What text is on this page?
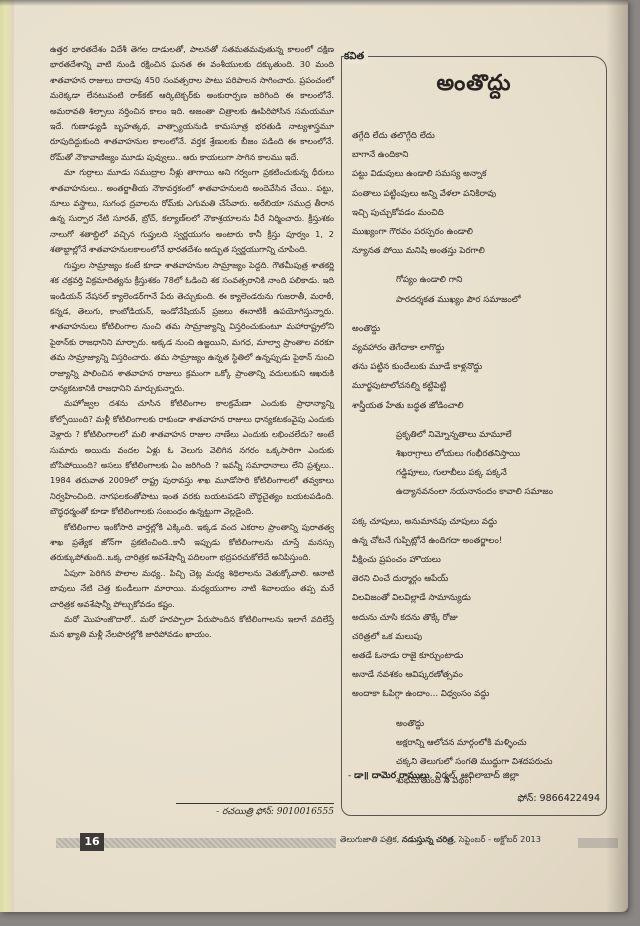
ఉత్తర భారతదేశం విదేశీ తెగల దాడులతో, పాలనతో సతమతమవుతున్న కాలంలో దక్షిణ భారతదేశాన్ని వాటి నుండి రక్షించిన ఘనత ఈ వంశీయులకు దక్కుతుంది. 30 మంది శాతవాహన రాజులు దాదాపు 450 సంవత్సరాల పాటు పరిపాలన సాగించారు. ప్రపంచంలో మరెక్కడా లేనటువంటి రాక్‌కట్ ఆర్కిటెక్చర్‌కు అంకురార్పణ జరిగింది ఈ కాలంలోనే. అమరావతి శిల్పాలు నర్తించిన కాలం ఇది. అజంతా చిత్రాలకు ఊపిరిపోసిన సమయమూ ఇదే. గుణాఢ్యుడి బృహత్కథ, వాత్స్యాయనుడి కామసూత్ర భరతుడి నాట్యశాస్త్రమూ రూపుదిద్దుకుంది శాతవాహనుల కాలంలోనే. వర్తక శ్రేణులకు బీజం పడింది ఈ కాలంలోనే. రోమ్‌తో నౌకావాణిజ్యం మూడు పువ్వులు.. ఆరు కాయలుగా సాగిన కాలము ఇదే.

మా గుర్రాలు మూడు సముద్రాల నీళ్లు తాగాయి అని గర్వంగా ప్రకటించుకున్న ధీరులు శాతవాహనులు.. అంతర్జాతీయ నౌకావర్తకంలో శాతవాహనులది అందెవేసిన చేయి.. పట్టు, నూలు వస్త్రాలు, సుగంధ ద్రవాలను రోమ్‌కు ఎగుమతి చేసేవారు. అరేబియా సముద్ర తీరాన ఉన్న సుర్పార నేటి సూరత్, బ్రోచ్, కల్యాణ్‌లలో నౌకాశ్రయాలను వీరే నిర్మించారు. క్రీస్తుశకం నాలుగో శతాబ్దిలో వచ్చిన గుప్తులది స్వర్ణయుగం అంటారు కానీ క్రీస్తు పూర్వం 1, 2 శతాబ్దాల్లోనే శాతవాహనులకాలంలోనే భారతదేశం అద్భుత స్వర్ణయుగాన్ని చూపింది.

గుప్తుల సామ్రాజ్యం కంటే కూడా శాతవాహనుల సామ్రాజ్యం పెద్దది. గౌతమీపుత్ర శాతకర్ణి శక చక్రవర్తి విక్రమాదిత్యను క్రీస్తుశకం 78లో ఓడించి శక సంవత్సరానికి నాంది పలికాడు. ఇది ఇండియన్ నేషనల్ క్యాలెండర్‌గానే పేరు తెచ్చుకుంది. ఈ క్యాలెండరును గుజరాతీ, మరాఠీ, కన్నడ, తెలుగు, కాంబోడియన్, ఇండోనేషియన్ ప్రజలు ఈనాటికీ ఉపయోగిస్తున్నారు. శాతవాహనులు కోటిలింగాల నుంచి తమ సామ్రాజ్యాన్ని విస్తరించుకుంటూ మహారాష్ట్రలోని పైఠాన్‌కు రాజధానిని మార్చారు. అక్కడ నుంచి ఉజ్జయిని, మగధ, మాల్వా ప్రాంతాల వరకూ తమ సామ్రాజ్యాన్ని విస్తరించారు. తమ సామ్రాజ్యం ఉన్నత స్థితిలో ఉన్నప్పుడు పైఠాన్ నుంచి రాజ్యాన్ని పాలించిన శాతవాహన రాజులు క్రమంగా ఒక్కో ప్రాంతాన్ని వదులుకుని ఆఖరుకి ధాన్యకటకానికి రాజధానిని మార్చుకున్నారు.

మహోజ్వల దశను చూసిన కోటిలింగాల కాలక్రమేణా ఎందుకు ప్రాధాన్యాన్ని కోల్పోయింది? మళ్లీ కోటిలింగాలకు రాకుండా శాతవాహన రాజులు ధాన్యకటకంవైపు ఎందుకు వెళ్లారు ? కోటిలింగాలలో మలి శాతవాహన రాజుల నాణేలు ఎందుకు లభించలేదు? అంటే సుమారు అయిదు వందల ఏళ్లు ఓ వెలుగు వెలిగిన నగరం ఒక్కసారిగా ఎందుకు బోసిపోయింది? అసలు కోటిలింగాలకు ఏం జరిగింది ? ఇవన్నీ సమాధానాలు లేని ప్రశ్నలు.. 1984 తరువాత 2009లో రాష్ట్ర పురావస్తు శాఖ మూడోసారి కోటిలింగాలలో తవ్వకాలు నిర్వహించింది. నాగఫలకంతోపాటు ఇంత వరకు బయటపడని బౌద్ధచైత్యం బయటపడింది. బౌద్ధధర్మంతో కూడా కోటిలింగాలకు సంబంధం ఉన్నట్టుగా వెల్లడైంది.

కోటిలింగాల ఇంకోసారి వార్తల్లోకి ఎక్కింది. ఇక్కడ వంద ఎకరాల ప్రాంతాన్ని పురాతత్వ శాఖ ప్రత్యేక జోన్‌గా ప్రకటించింది..కానీ ఇప్పుడు కోటిలింగాలను చూస్తే మనస్సు తరుక్కుపోతుంది..ఒక్క చారిత్రక అవశేషాన్నీ పదిలంగా భద్రపరచుకోలేదే అనిపిస్తుంది.

ఏపుగా పెరిగిన పొలాల మధ్య.. పిచ్చి చెట్ల మధ్య శిథిలాలను వెతుక్కోవాలి. ఆనాటి బావులు నేటి చెత్త కుండీలుగా మారాయి. మధ్యయుగాల నాటి శివాలయం తప్ప మరే చారిత్రక అవశేషాన్నీ పోల్చుకోవడం కష్టం.

మరో మొహంజొదారో.. మరో హరప్పాలా పేరుపొందిన కోటిలింగాలను ఇలాగే వదిలేస్తే మన ఖ్యాతి మళ్లీ నేలపొరల్లోకి జారిపోవడం ఖాయం.

- రచయిత్రి ఫోన్: 9010016555
కవిత
అంతొద్దు
తగ్గేది లేదు తలొగ్గేది లేదు
బాగానే ఉందికాని
పట్టు విడుపులు ఉండాలి సమస్య అన్నాక
పంతాలు పట్టింపులు అన్ని వేళలా పనికిరావు
ఇచ్చి పుచ్చుకోవడం మంచిది
ముఖ్యంగా గౌరవం పరస్పరం ఉండాలి
న్యూనత పోయి మనిషి అంతస్తు పెరగాలి
గోప్యం ఉండాలి గాని
పారదర్శకత ముఖ్యం పౌర సమాజంలో
అంతొద్దు
వ్యవహారం తెగేదాకా లాగొద్దు
తను పట్టిన కుందేలుకు మూడే కాళ్లనొద్దు
మూర్ఖపుటాలోచనల్ని కట్టిపెట్టి
శాస్త్రీయత హేతు బద్ధత జోడించాలి
ప్రకృతిలో నిమ్నోన్నతాలు మామూలే
శిఖరాగ్రాలు లోయలు గంభీరతనిస్తాయి
గడ్డిపూలు, గులాబీలు పక్క పక్కనే
ఉద్యానవనంలా నయనానందం కావాలి సమాజం
పక్క చూపులు, అనుమానపు చూపులు వద్దు
ఉన్న చోటనే గుప్పిట్లోనే ఉందిగదా అంతర్జాలం!
వీక్షించు ప్రపంచం హొయలు
తెరని చించే దుర్మార్గం ఆపేయ్
విలవిజంతో విలవిల్లాడే సామాన్యుడు
అదును చూసి కదను తొక్కే రోజు
చరిత్రలో ఒక మలుపు
అతడే ఓనాడు రాజై కూర్చుంటాడు
అనాడే నవశకం ఆవిష్కరణోత్సవం
అందాకా ఓపిగ్గా ఉందాం... విధ్వంసం వద్దు
అంతొద్దు
అక్షరాన్ని ఆలోచన మార్గంలోకి మళ్ళించు
చక్కని తెలుగులో సంగతి ముద్దుగా విశదపరుచు
శుభమౌతుంది నీ పథం!
- డా॥ దామెర రాములు, నిర్మల్, ఆదిలాబాద్ జిల్లా
ఫోన్: 9866422494
16	తెలుగుజాతి పత్రిక, నడుస్తున్న చరిత్ర, సెప్టెంబర్ - అక్టోబర్ 2013
